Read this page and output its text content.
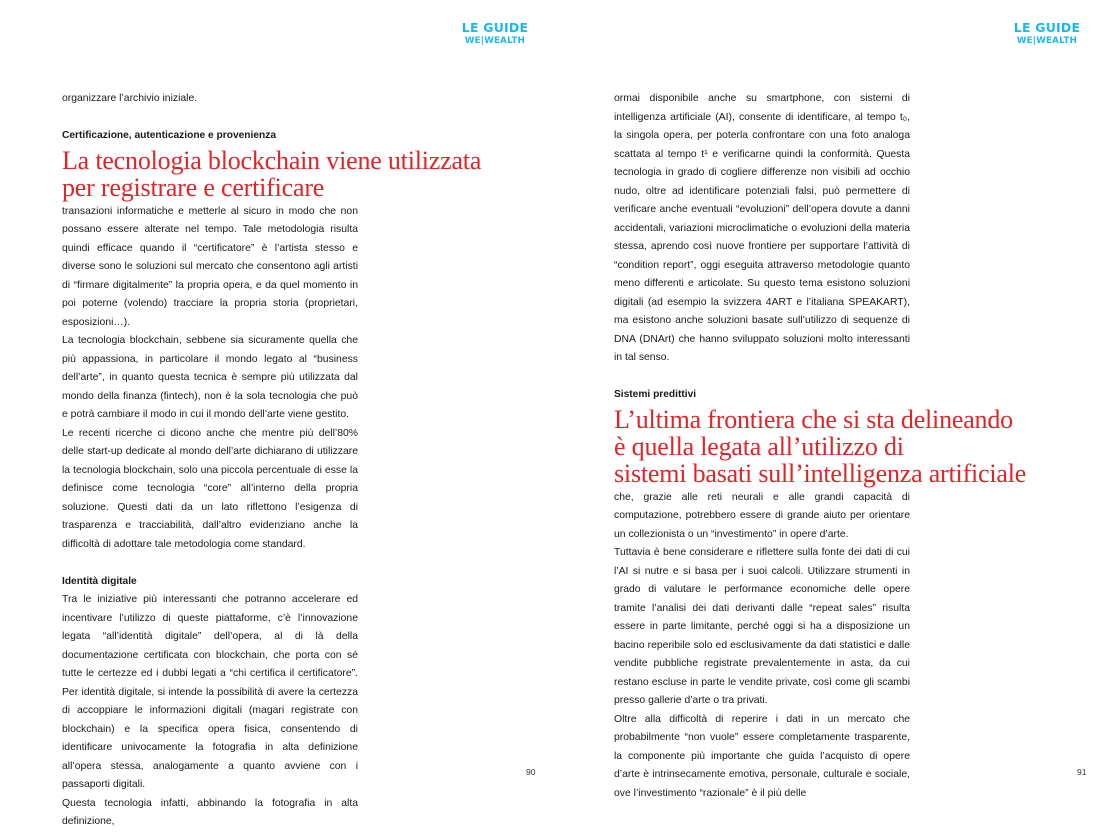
LE GUIDE
WE|WEALTH
LE GUIDE
WE|WEALTH

organizzare l’archivio iniziale.

Certificazione, autenticazione e provenienza
La tecnologia blockchain viene utilizzata
per registrare e certificare

transazioni informatiche e metterle al sicuro in modo che non possano essere alterate nel tempo. Tale metodologia risulta quindi efficace quando il “certificatore” è l’artista stesso e diverse sono le soluzioni sul mercato che consentono agli artisti di “firmare digitalmente” la propria opera, e da quel momento in poi poterne (volendo) tracciare la propria storia (proprietari, esposizioni…).

La tecnologia blockchain, sebbene sia sicuramente quella che più appassiona, in particolare il mondo legato al “business dell’arte”, in quanto questa tecnica è sempre più utilizzata dal mondo della finanza (fintech), non è la sola tecnologia che può e potrà cambiare il modo in cui il mondo dell’arte viene gestito.

Le recenti ricerche ci dicono anche che mentre più dell’80% delle start-up dedicate al mondo dell’arte dichiarano di utilizzare la tecnologia blockchain, solo una piccola percentuale di esse la definisce come tecnologia “core” all’interno della propria soluzione. Questi dati da un lato riflettono l’esigenza di trasparenza e tracciabilità, dall’altro evidenziano anche la difficoltà di adottare tale metodologia come standard.

Identità digitale

Tra le iniziative più interessanti che potranno accelerare ed incentivare l’utilizzo di queste piattaforme, c’è l’innovazione legata “all’identità digitale” dell’opera, al di là della documentazione certificata con blockchain, che porta con sé tutte le certezze ed i dubbi legati a “chi certifica il certificatore”. Per identità digitale, si intende la possibilità di avere la certezza di accoppiare le informazioni digitali (magari registrate con blockchain) e la specifica opera fisica, consentendo di identificare univocamente la fotografia in alta definizione all’opera stessa, analogamente a quanto avviene con i passaporti digitali.

Questa tecnologia infatti, abbinando la fotografia in alta definizione,

90

ormai disponibile anche su smartphone, con sistemi di intelligenza artificiale (AI), consente di identificare, al tempo t₀, la singola opera, per poterla confrontare con una foto analoga scattata al tempo t¹ e verificarne quindi la conformità. Questa tecnologia in grado di cogliere differenze non visibili ad occhio nudo, oltre ad identificare potenziali falsi, può permettere di verificare anche eventuali “evoluzioni” dell’opera dovute a danni accidentali, variazioni microclimatiche o evoluzioni della materia stessa, aprendo così nuove frontiere per supportare l’attività di “condition report”, oggi eseguita attraverso metodologie quanto meno differenti e articolate. Su questo tema esistono soluzioni digitali (ad esempio la svizzera 4ART e l’italiana SPEAKART), ma esistono anche soluzioni basate sull’utilizzo di sequenze di DNA (DNArt) che hanno sviluppato soluzioni molto interessanti in tal senso.

Sistemi predittivi
L’ultima frontiera che si sta delineando
è quella legata all’utilizzo di
sistemi basati sull’intelligenza artificiale

che, grazie alle reti neurali e alle grandi capacità di computazione, potrebbero essere di grande aiuto per orientare un collezionista o un “investimento” in opere d’arte.

Tuttavia è bene considerare e riflettere sulla fonte dei dati di cui l’AI si nutre e si basa per i suoi calcoli. Utilizzare strumenti in grado di valutare le performance economiche delle opere tramite l’analisi dei dati derivanti dalle “repeat sales” risulta essere in parte limitante, perché oggi si ha a disposizione un bacino reperibile solo ed esclusivamente da dati statistici e dalle vendite pubbliche registrate prevalentemente in asta, da cui restano escluse in parte le vendite private, così come gli scambi presso gallerie d’arte o tra privati.

Oltre alla difficoltà di reperire i dati in un mercato che probabilmente “non vuole” essere completamente trasparente, la componente più importante che guida l’acquisto di opere d’arte è intrinsecamente emotiva, personale, culturale e sociale, ove l’investimento “razionale” è il più delle

91
